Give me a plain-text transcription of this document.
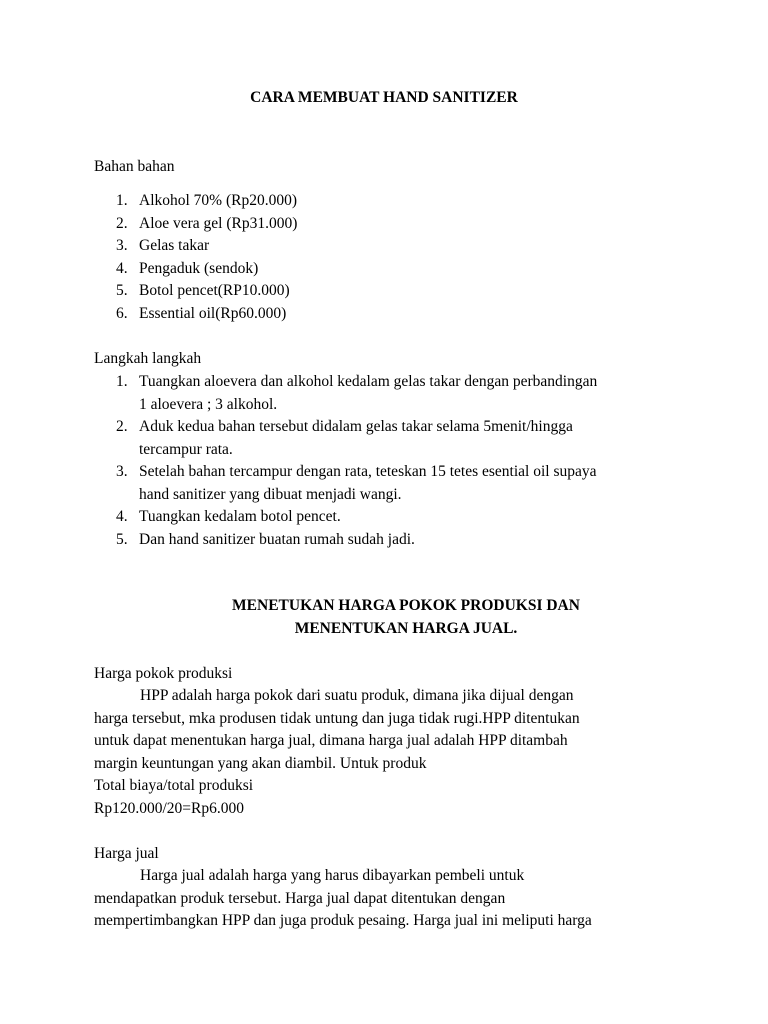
CARA MEMBUAT HAND SANITIZER
Bahan bahan
1. Alkohol 70% (Rp20.000)
2. Aloe vera gel (Rp31.000)
3. Gelas takar
4. Pengaduk (sendok)
5. Botol pencet(RP10.000)
6. Essential oil(Rp60.000)
Langkah langkah
1. Tuangkan aloevera dan alkohol kedalam gelas takar dengan perbandingan
1 aloevera ; 3 alkohol.
2. Aduk kedua bahan tersebut didalam gelas takar selama 5menit/hingga
tercampur rata.
3. Setelah bahan tercampur dengan rata, teteskan 15 tetes esential oil supaya
hand sanitizer yang dibuat menjadi wangi.
4. Tuangkan kedalam botol pencet.
5. Dan hand sanitizer buatan rumah sudah jadi.
MENETUKAN HARGA POKOK PRODUKSI DAN
MENENTUKAN HARGA JUAL.
Harga pokok produksi
HPP adalah harga pokok dari suatu produk, dimana jika dijual dengan
harga tersebut, mka produsen tidak untung dan juga tidak rugi.HPP ditentukan
untuk dapat menentukan harga jual, dimana harga jual adalah HPP ditambah
margin keuntungan yang akan diambil. Untuk produk
Total biaya/total produksi
Rp120.000/20=Rp6.000
Harga jual
Harga jual adalah harga yang harus dibayarkan pembeli untuk
mendapatkan produk tersebut. Harga jual dapat ditentukan dengan
mempertimbangkan HPP dan juga produk pesaing. Harga jual ini meliputi harga
